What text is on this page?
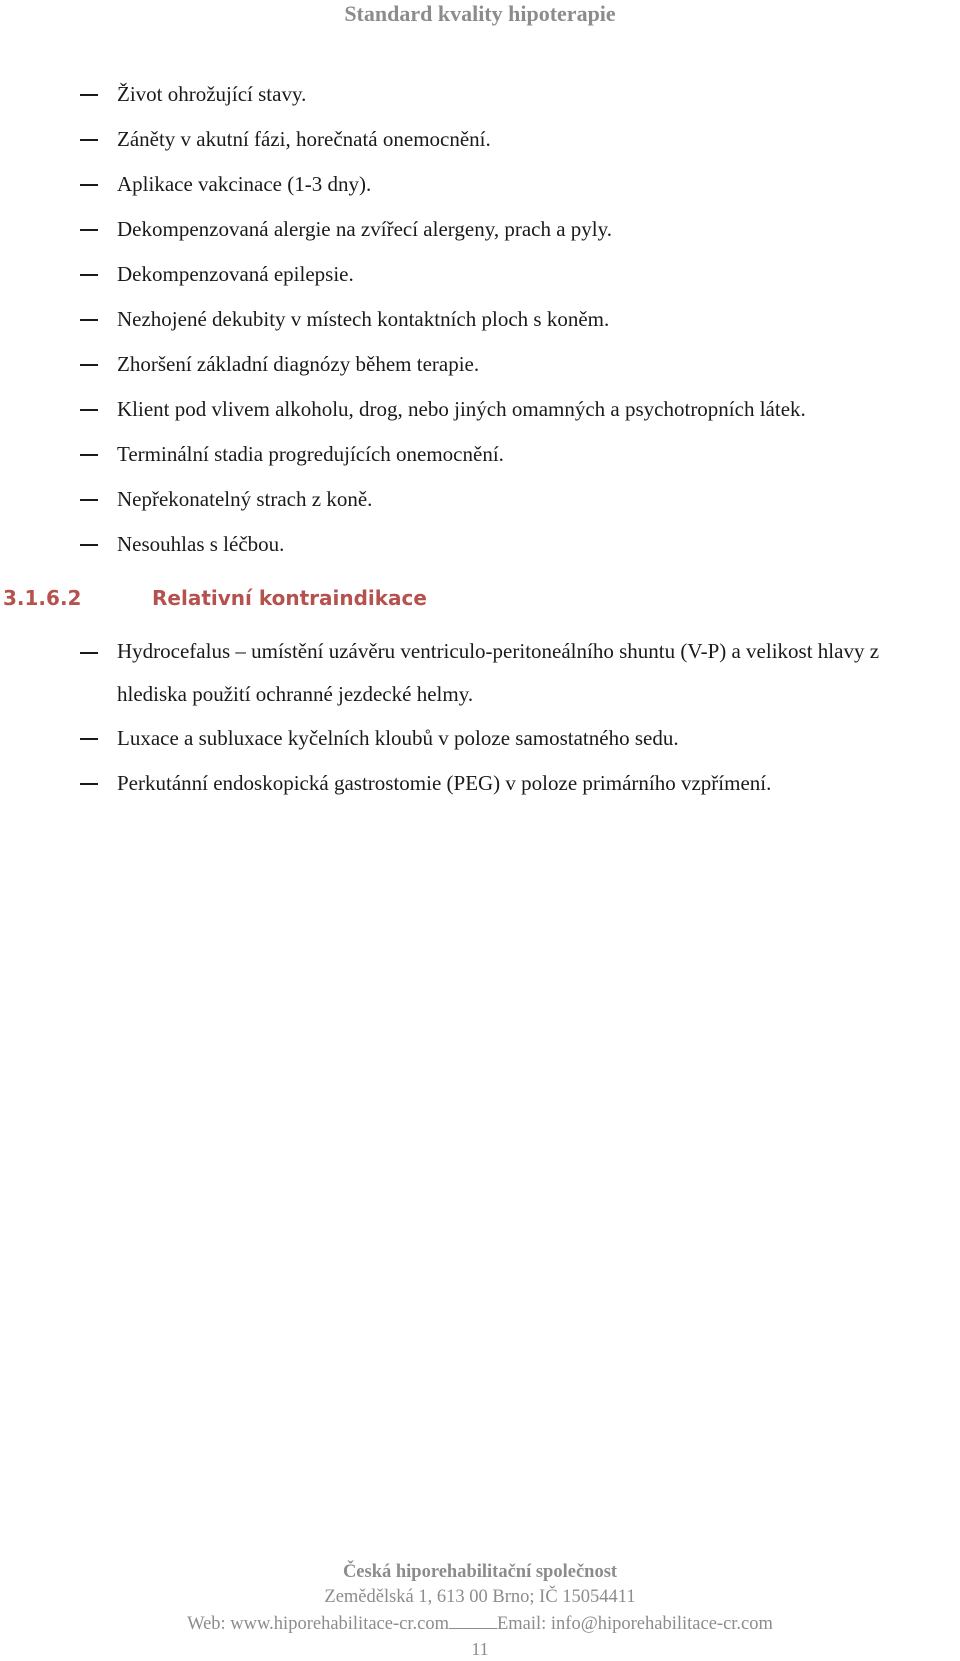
Standard kvality hipoterapie
Život ohrožující stavy.
Záněty v akutní fázi, horečnatá onemocnění.
Aplikace vakcinace (1-3 dny).
Dekompenzovaná alergie na zvířecí alergeny, prach a pyly.
Dekompenzovaná epilepsie.
Nezhojené dekubity v místech kontaktních ploch s koněm.
Zhoršení základní diagnózy během terapie.
Klient pod vlivem alkoholu, drog, nebo jiných omamných a psychotropních látek.
Terminální stadia progredujících onemocnění.
Nepřekonatelný strach z koně.
Nesouhlas s léčbou.
3.1.6.2	Relativní kontraindikace
Hydrocefalus – umístění uzávěru ventriculo-peritoneálního shuntu (V-P) a velikost hlavy z hlediska použití ochranné jezdecké helmy.
Luxace a subluxace kyčelních kloubů v poloze samostatného sedu.
Perkutánní endoskopická gastrostomie (PEG) v poloze primárního vzpřímení.
Česká hiporehabilitační společnost
Zemědělská 1, 613 00 Brno; IČ 15054411
Web: www.hiporehabilitace-cr.com	Email: info@hiporehabilitace-cr.com
11
